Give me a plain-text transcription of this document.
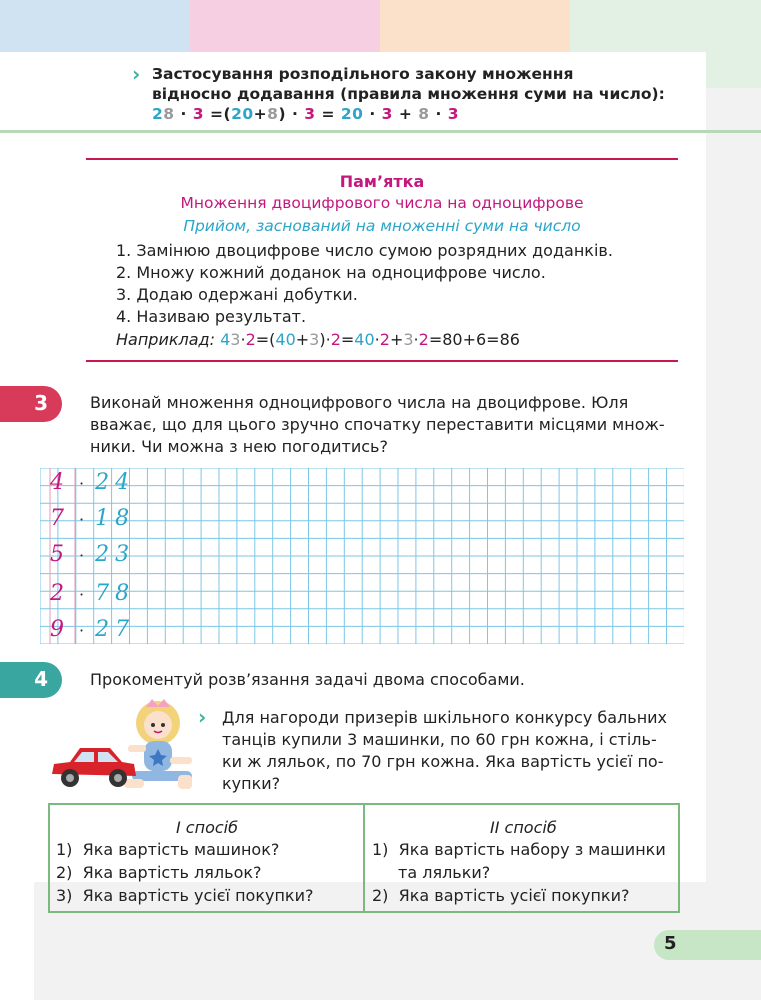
› Застосування розподільного закону множення
відносно додавання (правила множення суми на число):
28 · 3 =(20+8) · 3 = 20 · 3 + 8 · 3
Пам’ятка
Множення двоцифрового числа на одноцифрове
Прийом, заснований на множенні суми на число
1. Замінюю двоцифрове число сумою розрядних доданків.
2. Множу кожний доданок на одноцифрове число.
3. Додаю одержані добутки.
4. Називаю результат.
Наприклад: 43·2=(40+3)·2=40·2+3·2=80+6=86
3	Виконай множення одноцифрового числа на двоцифрове. Юля
вважає, що для цього зручно спочатку переставити місцями множ-
ники. Чи можна з нею погодитись?
4 · 24
7 · 18
5 · 23
2 · 78
9 · 27
4	Прокоментуй розв’язання задачі двома способами.
› Для нагороди призерів шкільного конкурсу бальних
танців купили 3 машинки, по 60 грн кожна, і стіль-
ки ж ляльок, по 70 грн кожна. Яка вартість усієї по-
купки?
І спосіб	ІІ спосіб
1) Яка вартість машинок?
2) Яка вартість ляльок?
3) Яка вартість усієї покупки?
1) Яка вартість набору з машинки
та ляльки?
2) Яка вартість усієї покупки?
5
